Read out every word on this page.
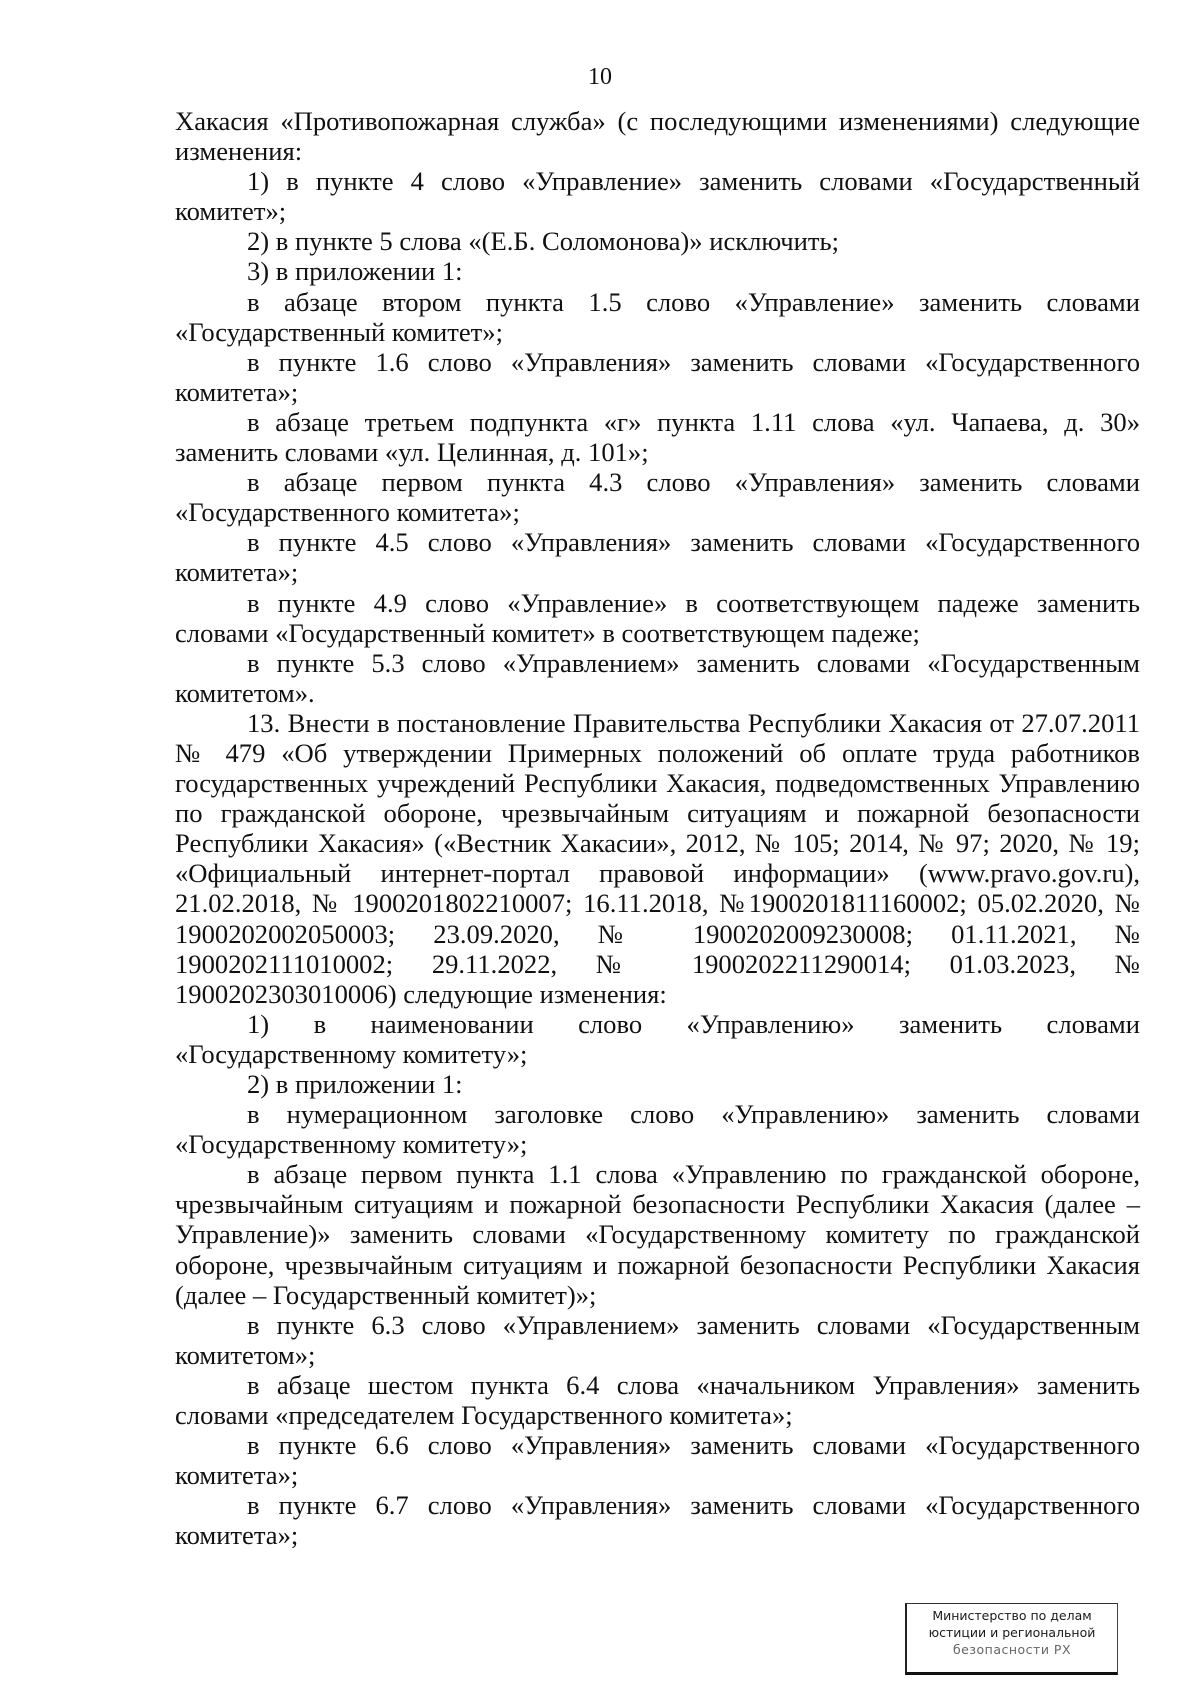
10

Хакасия «Противопожарная служба» (с последующими изменениями) следующие изменения:

1) в пункте 4 слово «Управление» заменить словами «Государственный комитет»;

2) в пункте 5 слова «(Е.Б. Соломонова)» исключить;

3) в приложении 1:

в абзаце втором пункта 1.5 слово «Управление» заменить словами «Государственный комитет»;

в пункте 1.6 слово «Управления» заменить словами «Государственного комитета»;

в абзаце третьем подпункта «г» пункта 1.11 слова «ул. Чапаева, д. 30» заменить словами «ул. Целинная, д. 101»;

в абзаце первом пункта 4.3 слово «Управления» заменить словами «Государственного комитета»;

в пункте 4.5 слово «Управления» заменить словами «Государственного комитета»;

в пункте 4.9 слово «Управление» в соответствующем падеже заменить словами «Государственный комитет» в соответствующем падеже;

в пункте 5.3 слово «Управлением» заменить словами «Государственным комитетом».

13. Внести в постановление Правительства Республики Хакасия от 27.07.2011 № 479 «Об утверждении Примерных положений об оплате труда работников государственных учреждений Республики Хакасия, подведомственных Управлению по гражданской обороне, чрезвычайным ситуациям и пожарной безопасности Республики Хакасия» («Вестник Хакасии», 2012, № 105; 2014, № 97; 2020, № 19; «Официальный интернет-портал правовой информации» (www.pravo.gov.ru), 21.02.2018, № 1900201802210007; 16.11.2018, №1900201811160002; 05.02.2020, № 1900202002050003; 23.09.2020, № 1900202009230008; 01.11.2021, № 1900202111010002; 29.11.2022, № 1900202211290014; 01.03.2023, № 1900202303010006) следующие изменения:

1) в наименовании слово «Управлению» заменить словами «Государственному комитету»;

2) в приложении 1:

в нумерационном заголовке слово «Управлению» заменить словами «Государственному комитету»;

в абзаце первом пункта 1.1 слова «Управлению по гражданской обороне, чрезвычайным ситуациям и пожарной безопасности Республики Хакасия (далее – Управление)» заменить словами «Государственному комитету по гражданской обороне, чрезвычайным ситуациям и пожарной безопасности Республики Хакасия (далее – Государственный комитет)»;

в пункте 6.3 слово «Управлением» заменить словами «Государственным комитетом»;

в абзаце шестом пункта 6.4 слова «начальником Управления» заменить словами «председателем Государственного комитета»;

в пункте 6.6 слово «Управления» заменить словами «Государственного комитета»;

в пункте 6.7 слово «Управления» заменить словами «Государственного комитета»;

Министерство по делам
юстиции и региональной
безопасности РХ
